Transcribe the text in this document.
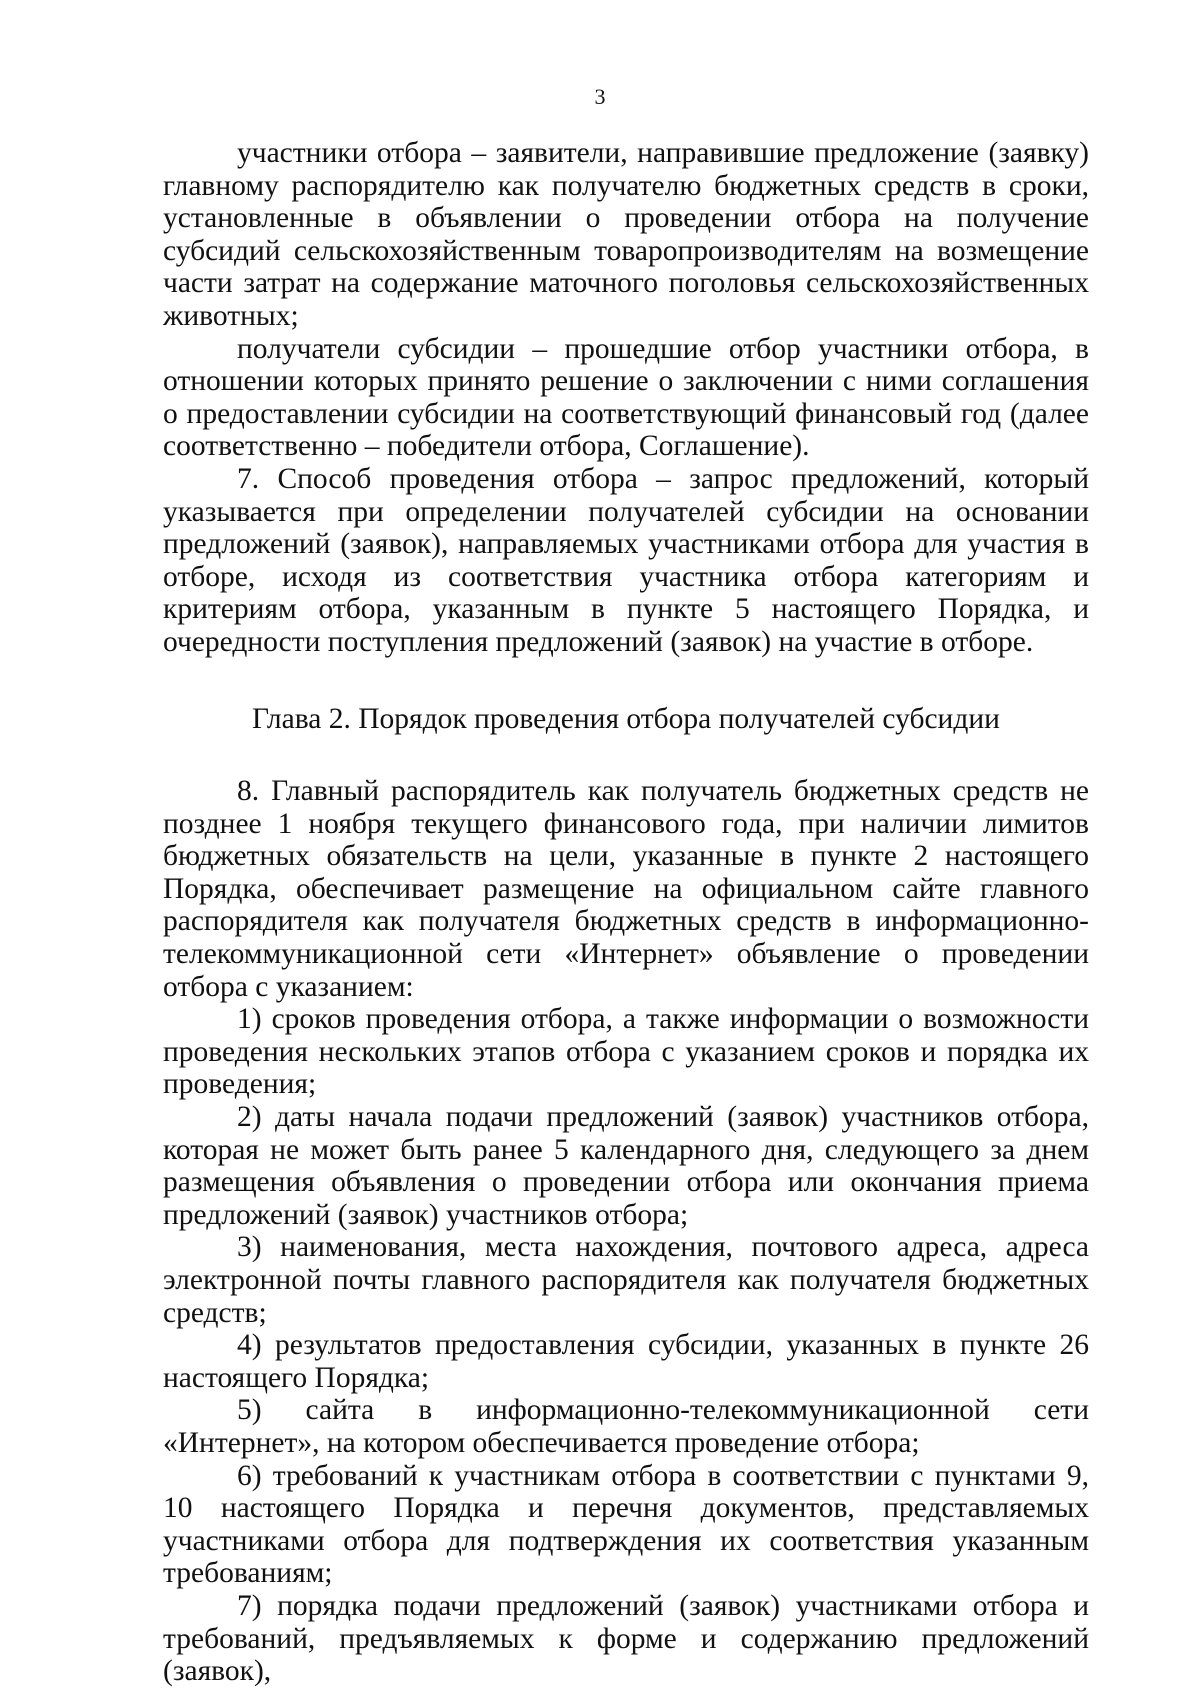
3

участники отбора – заявители, направившие предложение (заявку) главному распорядителю как получателю бюджетных средств в сроки, установленные в объявлении о проведении отбора на получение субсидий сельскохозяйственным товаропроизводителям на возмещение части затрат на содержание маточного поголовья сельскохозяйственных животных;

получатели субсидии – прошедшие отбор участники отбора, в отношении которых принято решение о заключении с ними соглашения о предоставлении субсидии на соответствующий финансовый год (далее соответственно – победители отбора, Соглашение).

7. Способ проведения отбора – запрос предложений, который указывается при определении получателей субсидии на основании предложений (заявок), направляемых участниками отбора для участия в отборе, исходя из соответствия участника отбора категориям и критериям отбора, указанным в пункте 5 настоящего Порядка, и очередности поступления предложений (заявок) на участие в отборе.

Глава 2. Порядок проведения отбора получателей субсидии

8. Главный распорядитель как получатель бюджетных средств не позднее 1 ноября текущего финансового года, при наличии лимитов бюджетных обязательств на цели, указанные в пункте 2 настоящего Порядка, обеспечивает размещение на официальном сайте главного распорядителя как получателя бюджетных средств в информационно-телекоммуникационной сети «Интернет» объявление о проведении отбора с указанием:

1) сроков проведения отбора, а также информации о возможности проведения нескольких этапов отбора с указанием сроков и порядка их проведения;

2) даты начала подачи предложений (заявок) участников отбора, которая не может быть ранее 5 календарного дня, следующего за днем размещения объявления о проведении отбора или окончания приема предложений (заявок) участников отбора;

3) наименования, места нахождения, почтового адреса, адреса электронной почты главного распорядителя как получателя бюджетных средств;

4) результатов предоставления субсидии, указанных в пункте 26 настоящего Порядка;

5) сайта в информационно-телекоммуникационной сети «Интернет», на котором обеспечивается проведение отбора;

6) требований к участникам отбора в соответствии с пунктами 9, 10 настоящего Порядка и перечня документов, представляемых участниками отбора для подтверждения их соответствия указанным требованиям;

7) порядка подачи предложений (заявок) участниками отбора и требований, предъявляемых к форме и содержанию предложений (заявок),
